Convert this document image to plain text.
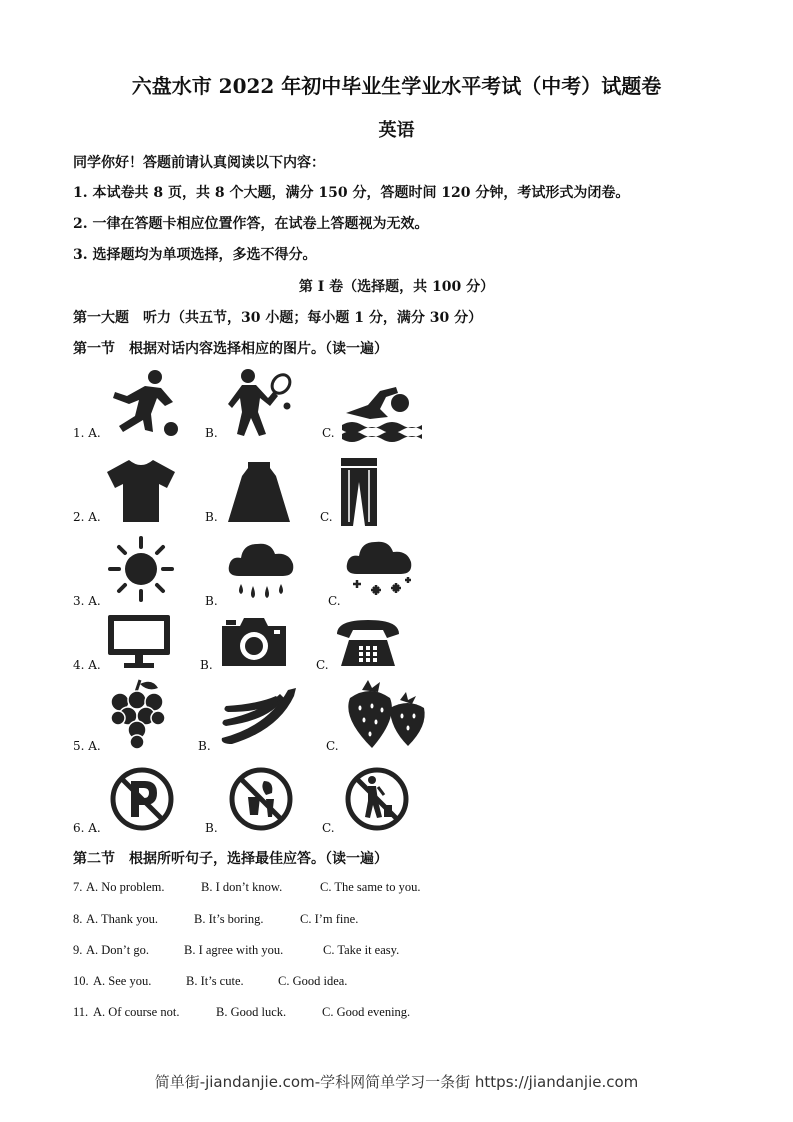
六盘水市 2022 年初中毕业生学业水平考试（中考）试题卷
英语
同学你好！答题前请认真阅读以下内容：
1. 本试卷共 8 页，共 8 个大题，满分 150 分，答题时间 120 分钟，考试形式为闭卷。
2. 一律在答题卡相应位置作答，在试卷上答题视为无效。
3. 选择题均为单项选择，多选不得分。
第 Ⅰ 卷（选择题，共 100 分）
第一大题　听力（共五节，30 小题；每小题 1 分，满分 30 分）
第一节　根据对话内容选择相应的图片。（读一遍）
1. A.	B.	C.
2. A.	B.	C.
3. A.	B.	C.
4. A.	B.	C.
5. A.	B.	C.
6. A.	B.	C.
第二节　根据所听句子，选择最佳应答。（读一遍）
7. A. No problem.	B. I don’t know.	C. The same to you.
8. A. Thank you.	B. It’s boring.	C. I’m fine.
9. A. Don’t go.	B. I agree with you.	C. Take it easy.
10. A. See you.	B. It’s cute.	C. Good idea.
11. A. Of course not.	B. Good luck.	C. Good evening.
简单街-jiandanjie.com-学科网简单学习一条街 https://jiandanjie.com
